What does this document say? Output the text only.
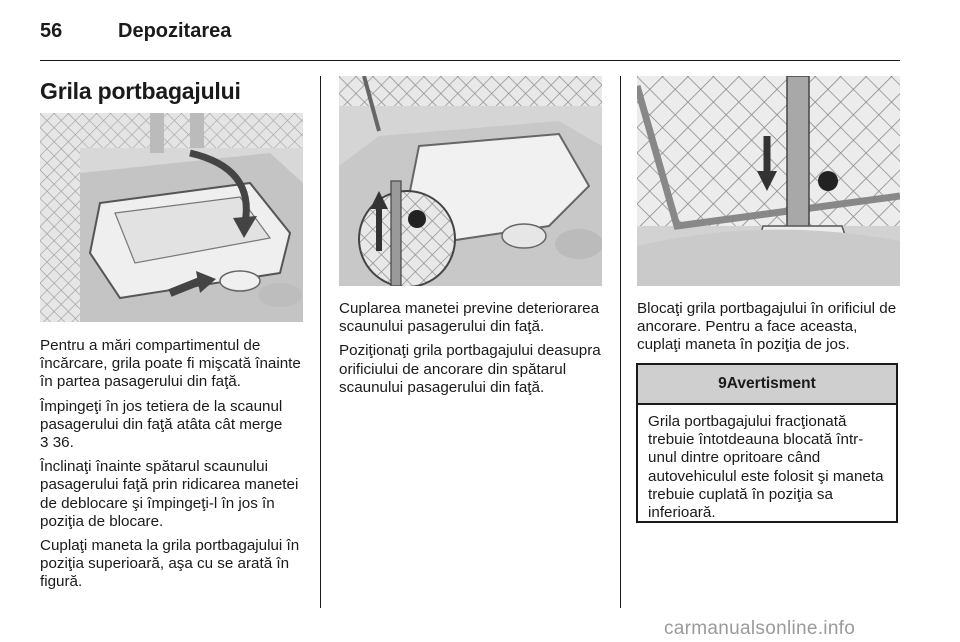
56	Depozitarea
Grila portbagajului

Pentru a mări compartimentul de încărcare, grila poate fi mişcată înainte în partea pasagerului din faţă.

Împingeţi în jos tetiera de la scaunul pasagerului din faţă atâta cât merge
3 36.

Înclinaţi înainte spătarul scaunului pasagerului faţă prin ridicarea manetei de deblocare şi împingeţi-l în jos în poziţia de blocare.

Cuplaţi maneta la grila portbagajului în poziţia superioară, aşa cu se arată în figură.

Cuplarea manetei previne deteriorarea scaunului pasagerului din faţă.

Poziţionaţi grila portbagajului deasupra orificiului de ancorare din spătarul scaunului pasagerului din faţă.

Blocaţi grila portbagajului în orificiul de ancorare. Pentru a face aceasta, cuplaţi maneta în poziţia de jos.

9 Avertisment
Grila portbagajului fracţionată trebuie întotdeauna blocată într-unul dintre opritoare când autovehiculul este folosit şi maneta trebuie cuplată în poziţia sa inferioară.
carmanualsonline.info
